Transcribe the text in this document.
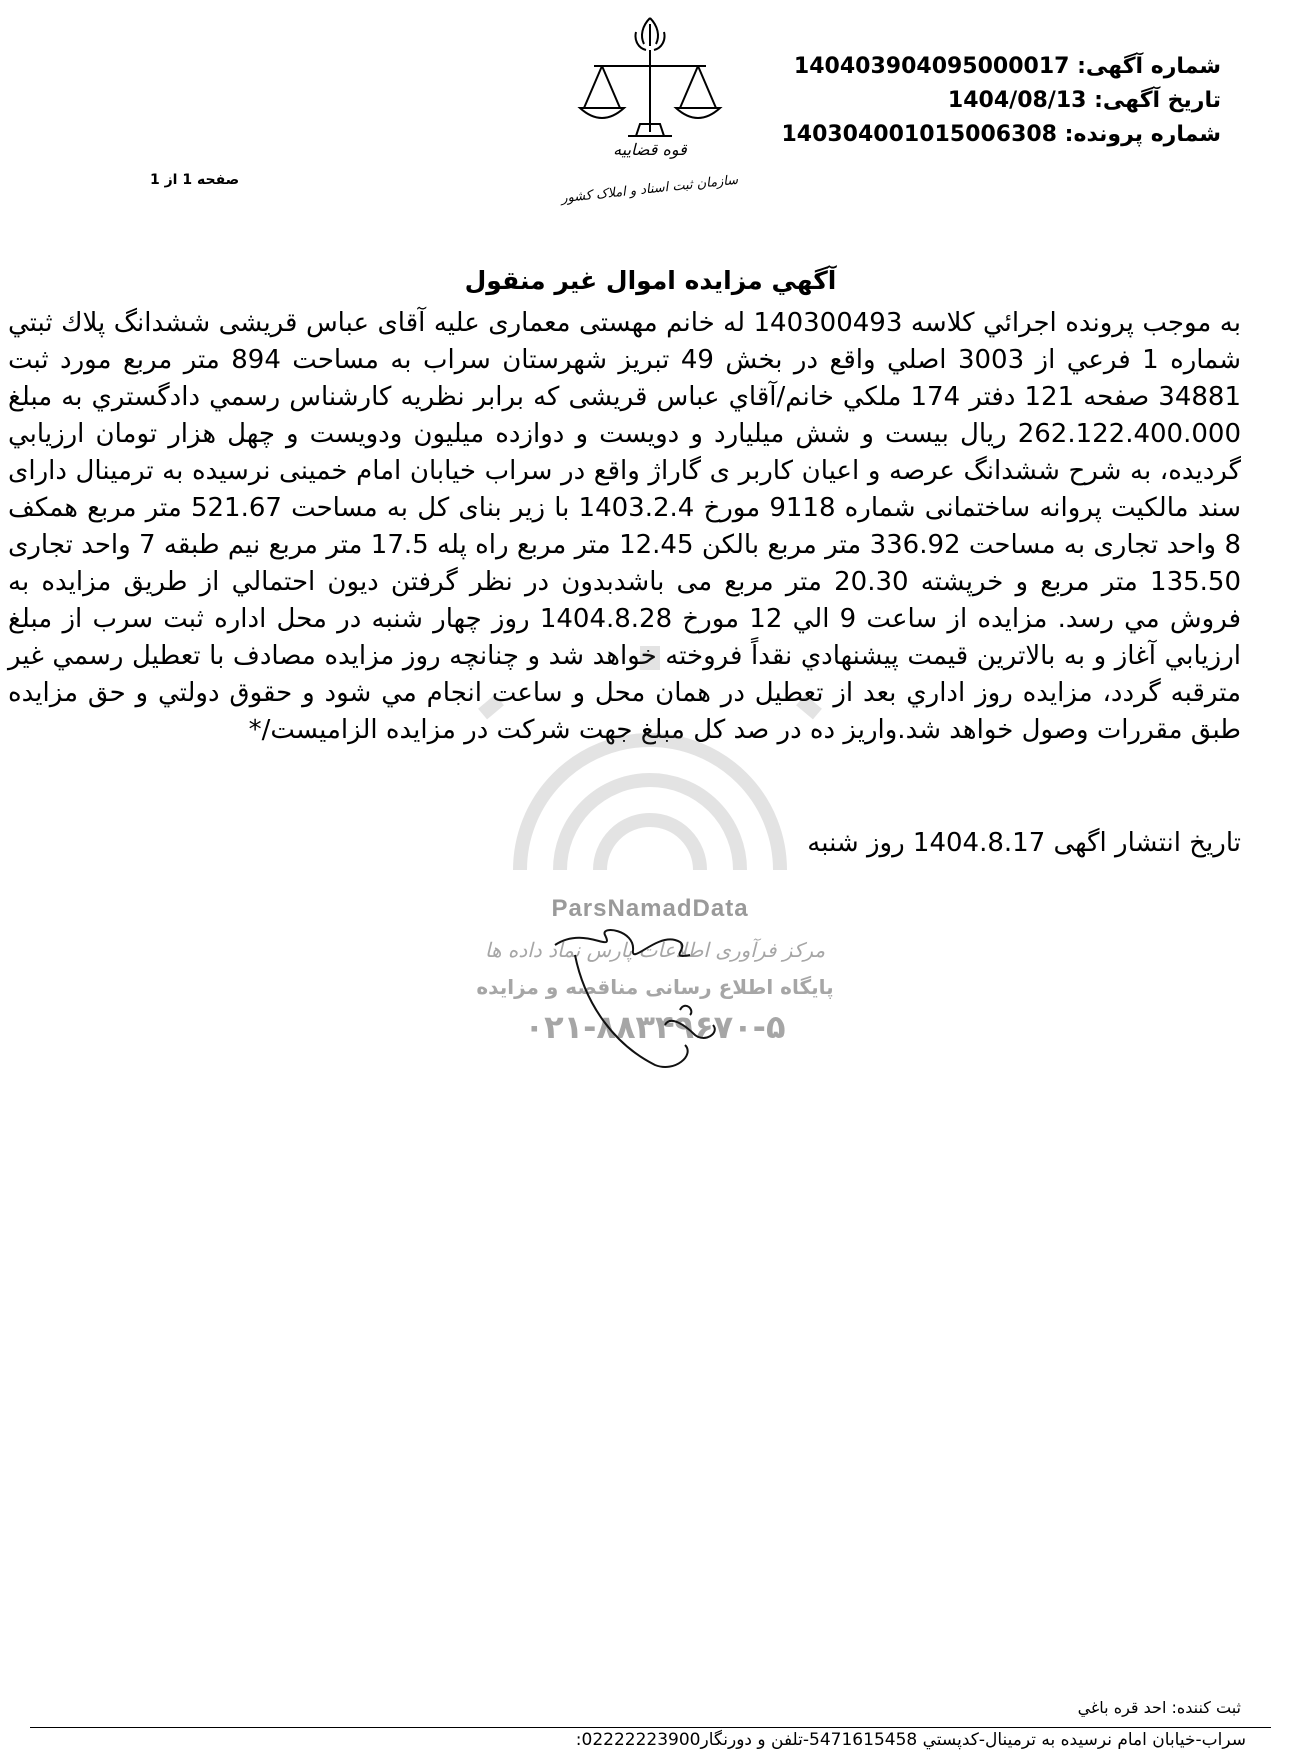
شماره آگهی: 140403904095000017
تاریخ آگهی: 1404/08/13
شماره پرونده: 140304001015006308
صفحه 1 از 1
قوه قضاییه
سازمان ثبت اسناد و املاک کشور
آگهي مزايده اموال غير منقول
به موجب پرونده اجرائي كلاسه 140300493 له خانم مهستی معماری علیه آقای عباس قریشی ششدانگ پلاك ثبتي شماره 1 فرعي از 3003 اصلي واقع در بخش 49 تبريز شهرستان سراب به مساحت 894 متر مربع مورد ثبت 34881 صفحه 121 دفتر 174 ملكي خانم/آقاي عباس قریشی که برابر نظريه كارشناس رسمي دادگستري به مبلغ 262.122.400.000 ريال بیست و شش میلیارد و دویست و دوازده میلیون ودویست و چهل هزار تومان ارزيابي گرديده، به شرح ششدانگ عرصه و اعیان کاربر ی گاراژ واقع در سراب خیابان امام خمینی نرسیده به ترمینال دارای سند مالکیت پروانه ساختمانی شماره 9118 مورخ 1403.2.4 با زیر بنای کل به مساحت 521.67 متر مربع همکف 8 واحد تجاری به مساحت 336.92 متر مربع بالکن 12.45 متر مربع راه پله 17.5 متر مربع نیم طبقه 7 واحد تجاری 135.50 متر مربع و خرپشته 20.30 متر مربع می باشدبدون در نظر گرفتن ديون احتمالي از طريق مزايده به فروش مي رسد. مزايده از ساعت 9 الي 12 مورخ 1404.8.28 روز چهار شنبه در محل اداره ثبت سرب از مبلغ ارزيابي آغاز و به بالاترين قيمت پيشنهادي نقداً فروخته خواهد شد و چنانچه روز مزايده مصادف با تعطيل رسمي غير مترقبه گردد، مزايده روز اداري بعد از تعطيل در همان محل و ساعت انجام مي شود و حقوق دولتي و حق مزايده طبق مقررات وصول خواهد شد.واریز ده در صد کل مبلغ جهت شرکت در مزایده الزامیست/*
تاريخ انتشار اگهی 1404.8.17 روز شنبه
ParsNamadData
مرکز فرآوری اطلاعات پارس نماد داده ها
پایگاه اطلاع رسانی مناقصه و مزایده
۰۲۱-۸۸۳۴۹۶۷۰-۵
ثبت كننده: احد قره باغي
سراب-خيابان امام نرسيده به ترمينال-كدپستي 5471615458-تلفن و دورنگار02222223900:
